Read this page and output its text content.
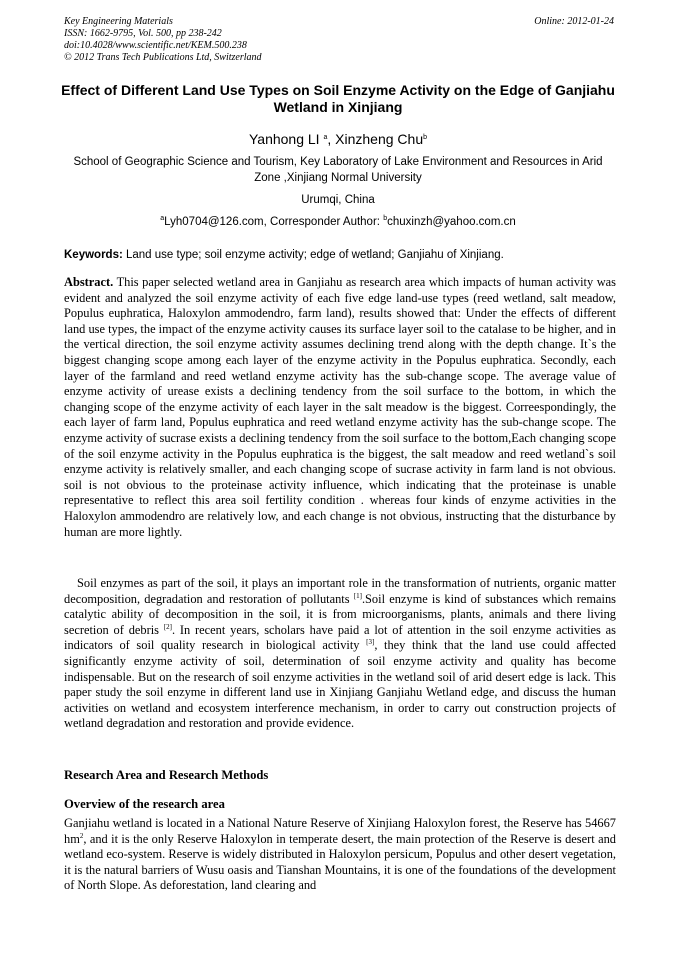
Key Engineering Materials
ISSN: 1662-9795, Vol. 500, pp 238-242
doi:10.4028/www.scientific.net/KEM.500.238
© 2012 Trans Tech Publications Ltd, Switzerland
Online: 2012-01-24
Effect of Different Land Use Types on Soil Enzyme Activity on the Edge of Ganjiahu Wetland in Xinjiang
Yanhong LI $^a$, Xinzheng Chu$^b$
School of Geographic Science and Tourism, Key Laboratory of Lake Environment and Resources in Arid Zone ,Xinjiang Normal University
Urumqi, China
$^a$Lyh0704@126.com, Corresponder Author: $^b$chuxinzh@yahoo.com.cn
Keywords: Land use type; soil enzyme activity; edge of wetland; Ganjiahu of Xinjiang.
Abstract. This paper selected wetland area in Ganjiahu as research area which impacts of human activity was evident and analyzed the soil enzyme activity of each five edge land-use types (reed wetland, salt meadow, Populus euphratica, Haloxylon ammodendro, farm land), results showed that: Under the effects of different land use types, the impact of the enzyme activity causes its surface layer soil to the catalase to be higher, and in the vertical direction, the soil enzyme activity assumes declining trend along with the depth change. It`s the biggest changing scope among each layer of the enzyme activity in the Populus euphratica. Secondly, each layer of the farmland and reed wetland enzyme activity has the sub-change scope. The average value of enzyme activity of urease exists a declining tendency from the soil surface to the bottom, in which the changing scope of the enzyme activity of each layer in the salt meadow is the biggest. Correespondingly, the each layer of farm land, Populus euphratica and reed wetland enzyme activity has the sub-change scope. The enzyme activity of sucrase exists a declining tendency from the soil surface to the bottom,Each changing scope of the soil enzyme activity in the Populus euphratica is the biggest, the salt meadow and reed wetland`s soil enzyme activity is relatively smaller, and each changing scope of sucrase activity in farm land is not obvious. soil is not obvious to the proteinase activity influence, which indicating that the proteinase is unable representative to reflect this area soil fertility condition . whereas four kinds of enzyme activities in the Haloxylon ammodendro are relatively low, and each change is not obvious, instructing that the disturbance by human are more lightly.
Soil enzymes as part of the soil, it plays an important role in the transformation of nutrients, organic matter decomposition, degradation and restoration of pollutants [1].Soil enzyme is kind of substances which remains catalytic ability of decomposition in the soil, it is from microorganisms, plants, animals and there living secretion of debris [2]. In recent years, scholars have paid a lot of attention in the soil enzyme activities as indicators of soil quality research in biological activity [3], they think that the land use could affected significantly enzyme activity of soil, determination of soil enzyme activity and quality has become indispensable. But on the research of soil enzyme activities in the wetland soil of arid desert edge is lack. This paper study the soil enzyme in different land use in Xinjiang Ganjiahu Wetland edge, and discuss the human activities on wetland and ecosystem interference mechanism, in order to carry out construction projects of wetland degradation and restoration and provide evidence.
Research Area and Research Methods
Overview of the research area
Ganjiahu wetland is located in a National Nature Reserve of Xinjiang Haloxylon forest, the Reserve has 54667 $hm^2$, and it is the only Reserve Haloxylon in temperate desert, the main protection of the Reserve is desert and wetland eco-system. Reserve is widely distributed in Haloxylon persicum, Populus and other desert vegetation, it is the natural barriers of Wusu oasis and Tianshan Mountains, it is one of the foundations of the development of North Slope. As deforestation, land clearing and
